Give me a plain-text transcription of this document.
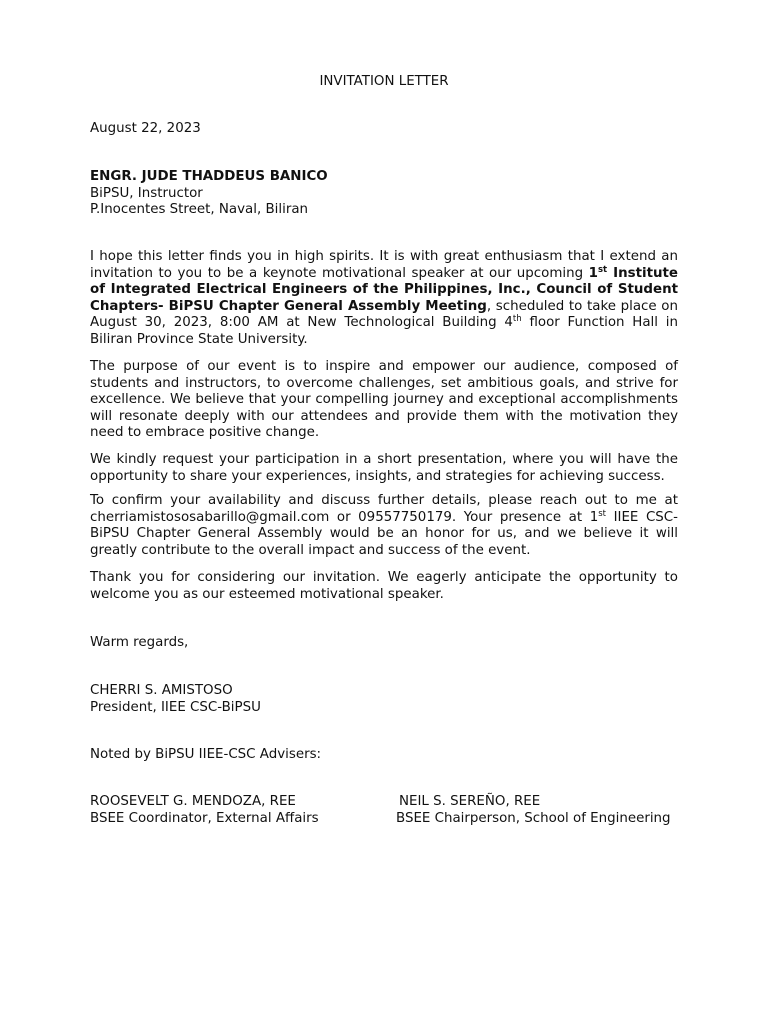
INVITATION LETTER
August 22, 2023
ENGR. JUDE THADDEUS BANICO
BiPSU, Instructor
P.Inocentes Street, Naval, Biliran
I hope this letter finds you in high spirits. It is with great enthusiasm that I extend an invitation to you to be a keynote motivational speaker at our upcoming 1st Institute of Integrated Electrical Engineers of the Philippines, Inc., Council of Student Chapters- BiPSU Chapter General Assembly Meeting, scheduled to take place on August 30, 2023, 8:00 AM at New Technological Building 4th floor Function Hall in Biliran Province State University.
The purpose of our event is to inspire and empower our audience, composed of students and instructors, to overcome challenges, set ambitious goals, and strive for excellence. We believe that your compelling journey and exceptional accomplishments will resonate deeply with our attendees and provide them with the motivation they need to embrace positive change.
We kindly request your participation in a short presentation, where you will have the opportunity to share your experiences, insights, and strategies for achieving success.
To confirm your availability and discuss further details, please reach out to me at cherriamistososabarillo@gmail.com or 09557750179. Your presence at 1st IIEE CSC-BiPSU Chapter General Assembly would be an honor for us, and we believe it will greatly contribute to the overall impact and success of the event.
Thank you for considering our invitation. We eagerly anticipate the opportunity to welcome you as our esteemed motivational speaker.
Warm regards,
CHERRI S. AMISTOSO
President, IIEE CSC-BiPSU
Noted by BiPSU IIEE-CSC Advisers:
ROOSEVELT G. MENDOZA, REE
BSEE Coordinator, External Affairs
NEIL S. SEREÑO, REE
BSEE Chairperson, School of Engineering
